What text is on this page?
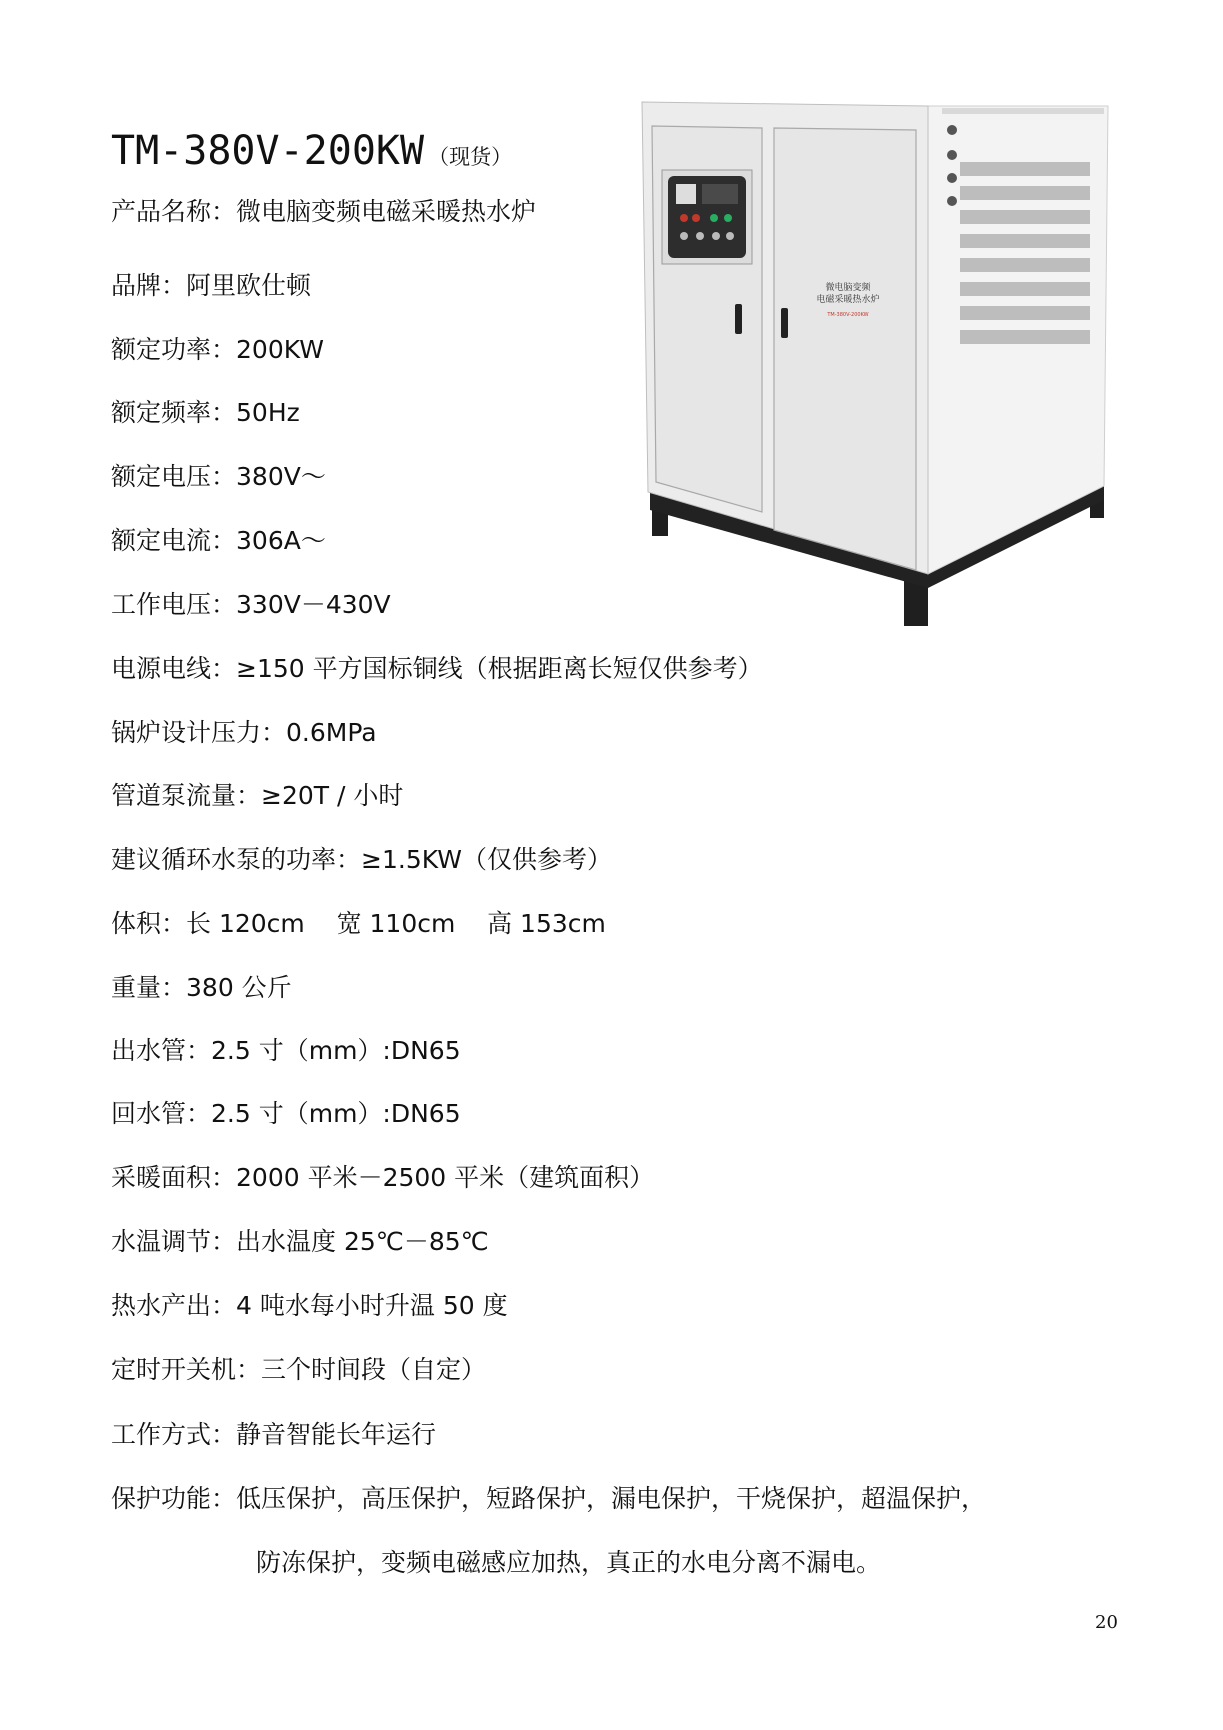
TM-380V-200KW （现货）
产品名称：微电脑变频电磁采暖热水炉
品牌：阿里欧仕顿
额定功率：200KW
额定频率：50Hz
额定电压：380V～
额定电流：306A～
工作电压：330V－430V
电源电线：≥150 平方国标铜线（根据距离长短仅供参考）
锅炉设计压力：0.6MPa
管道泵流量：≥20T / 小时
建议循环水泵的功率：≥1.5KW（仅供参考）
体积：长 120cm    宽 110cm    高 153cm
重量：380 公斤
出水管：2.5 寸（mm）:DN65
回水管：2.5 寸（mm）:DN65
采暖面积：2000 平米－2500 平米（建筑面积）
水温调节：出水温度 25℃－85℃
热水产出：4 吨水每小时升温 50 度
定时开关机：三个时间段（自定）
工作方式：静音智能长年运行
保护功能：低压保护，高压保护，短路保护，漏电保护，干烧保护，超温保护，
防冻保护，变频电磁感应加热，真正的水电分离不漏电。
微电脑变频
电磁采暖热水炉
TM-380V-200KW
20
